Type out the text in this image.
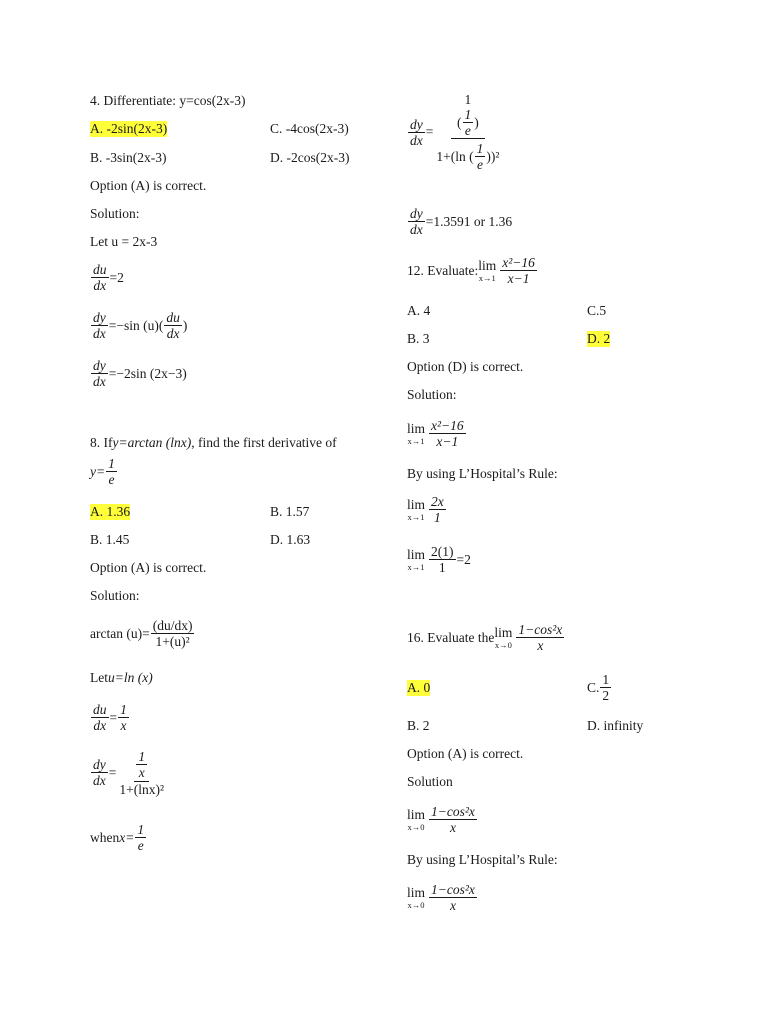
4. Differentiate: y=cos(2x-3)
A. -2sin(2x-3)	C. -4cos(2x-3)
B. -3sin(2x-3)	D. -2cos(2x-3)
Option (A) is correct.
Solution:
Let u = 2x-3
$\frac{du}{dx} = 2$
$\frac{dy}{dx} =-\sin$ $(u)( \frac{du}{dx}$ )
$\frac{dy}{dx} =-2\sin$ (2x−3)
8. If y=arctan (lnx) , find the first derivative of
$y= \frac{1}{e}$
A. 1.36	B. 1.57
B. 1.45	D. 1.63
Option (A) is correct.
Solution:
$\arctan (u)= \frac{(du/dx)}{\text{1+(u)²}}$
Let u=ln (x)
$\frac{du}{dx} = \frac{1}{x}$
$\frac{dy}{dx} = \frac{\frac{1}{x}}{\text{1+(lnx)²}}$
when $x= \frac{1}{e}$
$\frac{dy}{dx} = 1$
( $\frac{1}{e}$ )
1+(ln ( $\frac{1}{e} ))^2$
$\frac{dy}{dx} =1.3591$ or 1.36
12. Evaluate: lim
$x\to 1 \frac{\text{x²−16}}{x-1}$
A. 4	C.5
B. 3	D. 2
Option (D) is correct.
Solution:
lim
$x\to 1 \frac{\text{x²−16}}{x-1}$
By using L’Hospital’s Rule:
lim
$x\to 1 \frac{2x}{1}$
lim
$x\to 1 \frac{2(1)}{1} =2$
16. Evaluate the lim
$x\to 0 \frac{\text{1−cos²x}}{x}$
A. 0	C. $\frac{1}{2}$
B. 2	D. infinity
Option (A) is correct.
Solution
lim
$x\to 0 \frac{\text{1−cos²x}}{x}$
By using L’Hospital’s Rule:
lim
$x\to 0 \frac{\text{1−cos²x}}{x}$
